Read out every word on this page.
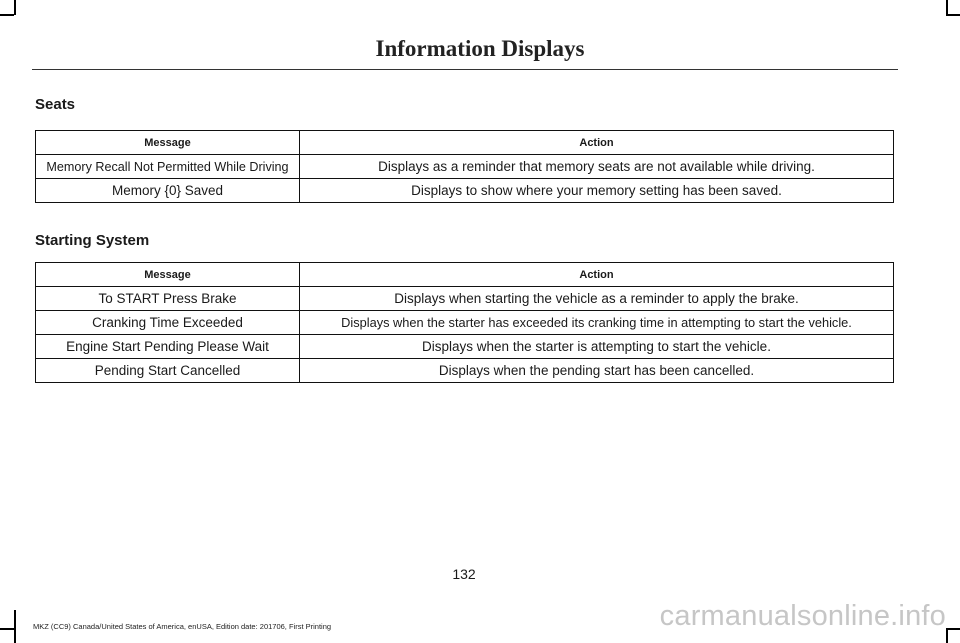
Information Displays
Seats
Message	Action
Memory Recall Not Permitted While Driving	Displays as a reminder that memory seats are not available while driving.
Memory {0} Saved	Displays to show where your memory setting has been saved.
Starting System
Message	Action
To START Press Brake	Displays when starting the vehicle as a reminder to apply the brake.
Cranking Time Exceeded	Displays when the starter has exceeded its cranking time in attempting to start the vehicle.
Engine Start Pending Please Wait	Displays when the starter is attempting to start the vehicle.
Pending Start Cancelled	Displays when the pending start has been cancelled.
132
MKZ (CC9) Canada/United States of America, enUSA, Edition date: 201706, First Printing	carmanualsonline.info
